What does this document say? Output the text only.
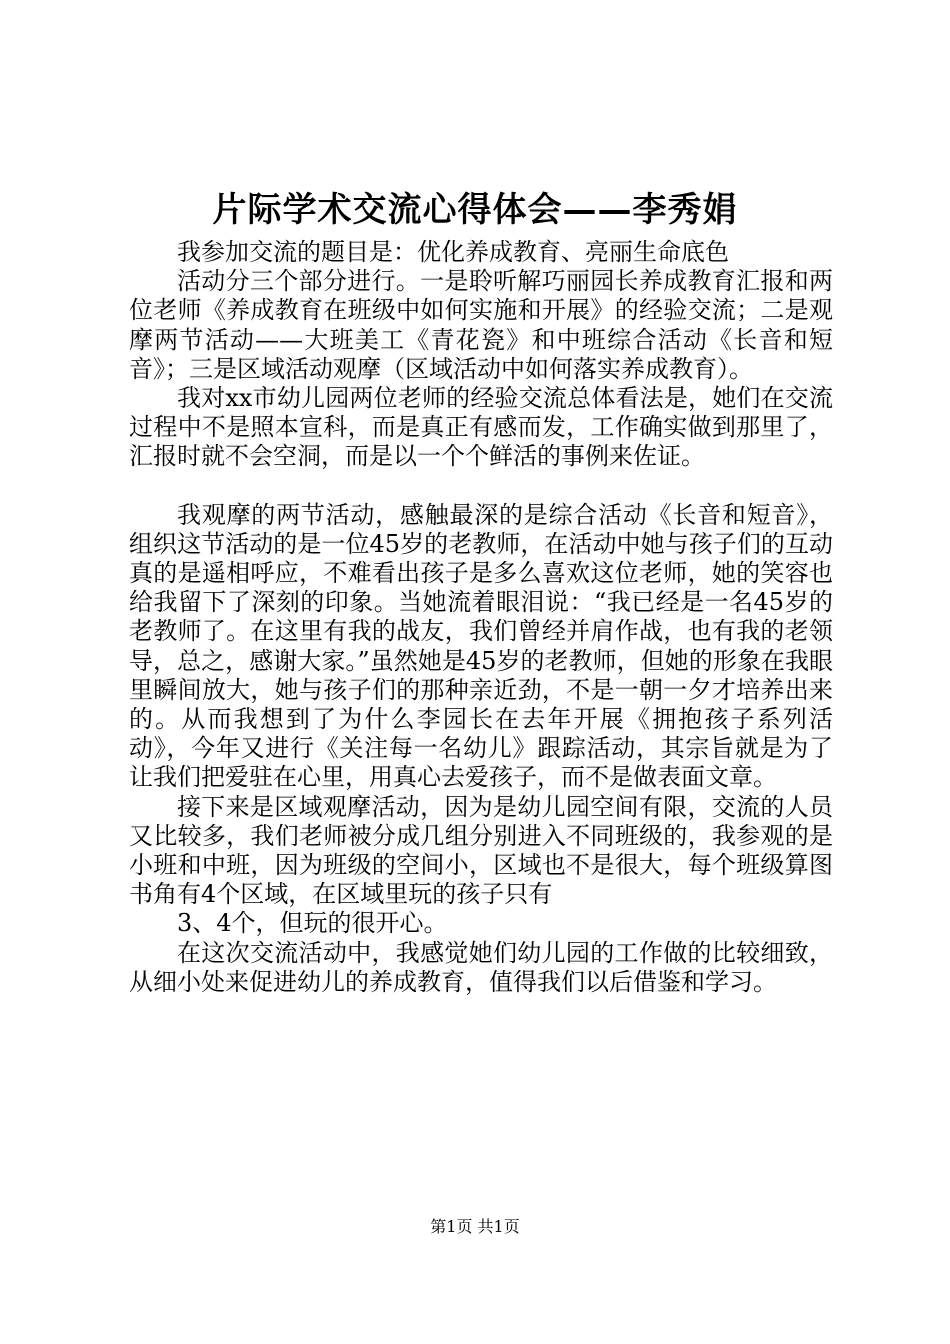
片际学术交流心得体会——李秀娟

我参加交流的题目是：优化养成教育、亮丽生命底色

活动分三个部分进行。一是聆听解巧丽园长养成教育汇报和两位老师《养成教育在班级中如何实施和开展》的经验交流；二是观摩两节活动——大班美工《青花瓷》和中班综合活动《长音和短音》；三是区域活动观摩（区域活动中如何落实养成教育）。

我对xx市幼儿园两位老师的经验交流总体看法是，她们在交流过程中不是照本宣科，而是真正有感而发，工作确实做到那里了，汇报时就不会空洞，而是以一个个鲜活的事例来佐证。

我观摩的两节活动，感触最深的是综合活动《长音和短音》，组织这节活动的是一位45岁的老教师，在活动中她与孩子们的互动真的是遥相呼应，不难看出孩子是多么喜欢这位老师，她的笑容也给我留下了深刻的印象。当她流着眼泪说：“我已经是一名45岁的老教师了。在这里有我的战友，我们曾经并肩作战，也有我的老领导，总之，感谢大家。”虽然她是45岁的老教师，但她的形象在我眼里瞬间放大，她与孩子们的那种亲近劲，不是一朝一夕才培养出来的。从而我想到了为什么李园长在去年开展《拥抱孩子系列活动》，今年又进行《关注每一名幼儿》跟踪活动，其宗旨就是为了让我们把爱驻在心里，用真心去爱孩子，而不是做表面文章。

接下来是区域观摩活动，因为是幼儿园空间有限，交流的人员又比较多，我们老师被分成几组分别进入不同班级的，我参观的是小班和中班，因为班级的空间小，区域也不是很大，每个班级算图书角有4个区域，在区域里玩的孩子只有

3、4个，但玩的很开心。

在这次交流活动中，我感觉她们幼儿园的工作做的比较细致，从细小处来促进幼儿的养成教育，值得我们以后借鉴和学习。

第1页 共1页
